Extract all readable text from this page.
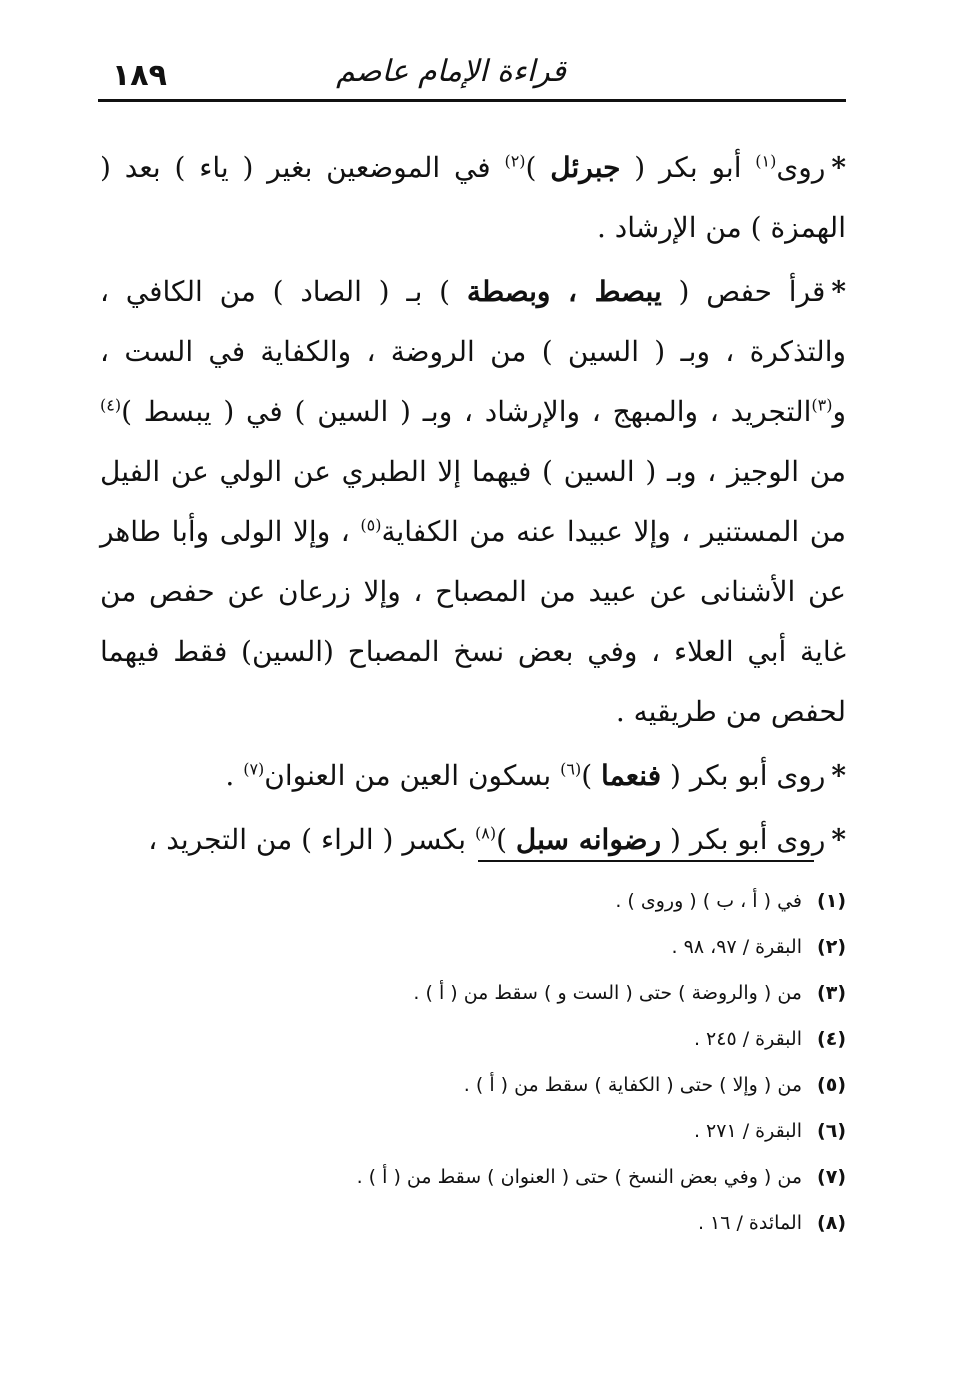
١٨٩	قراءة الإمام عاصم

*روى$^{(١)}$ أبو بكر ( جبرئل )$^{(٢)}$ في الموضعين بغير ( ياء ) بعد ( الهمزة ) من الإرشاد .

*قرأ حفص ( يبصط ، وبصطة ) بـ ( الصاد ) من الكافي ، والتذكرة ، وبـ ( السين ) من الروضة ، والكفاية في الست ، و$^{(٣)}$التجريد ، والمبهج ، والإرشاد ، وبـ ( السين ) في ( يبسط )$^{(٤)}$ من الوجيز ، وبـ ( السين ) فيهما إلا الطبري عن الولي عن الفيل من المستنير ، وإلا عبيدا عنه من الكفاية$^{(٥)}$ ، وإلا الولى وأبا طاهر عن الأشنانى عن عبيد من المصباح ، وإلا زرعان عن حفص من غاية أبي العلاء ، وفي بعض نسخ المصباح (السين) فقط فيهما لحفص من طريقيه .

*روى أبو بكر ( فنعما )$^{(٦)}$ بسكون العين من العنوان$^{(٧)}$ .

*روى أبو بكر ( رضوانه سبل )$^{(٨)}$ بكسر ( الراء ) من التجريد ،

(١)في ( أ ، ب ) ( وروى ) .
(٢)البقرة / ٩٧، ٩٨ .
(٣)من ( والروضة ) حتى ( الست و ) سقط من ( أ ) .
(٤)البقرة / ٢٤٥ .
(٥)من ( وإلا ) حتى ( الكفاية ) سقط من ( أ ) .
(٦)البقرة / ٢٧١ .
(٧)من ( وفي بعض النسخ ) حتى ( العنوان ) سقط من ( أ ) .
(٨)المائدة / ١٦ .
